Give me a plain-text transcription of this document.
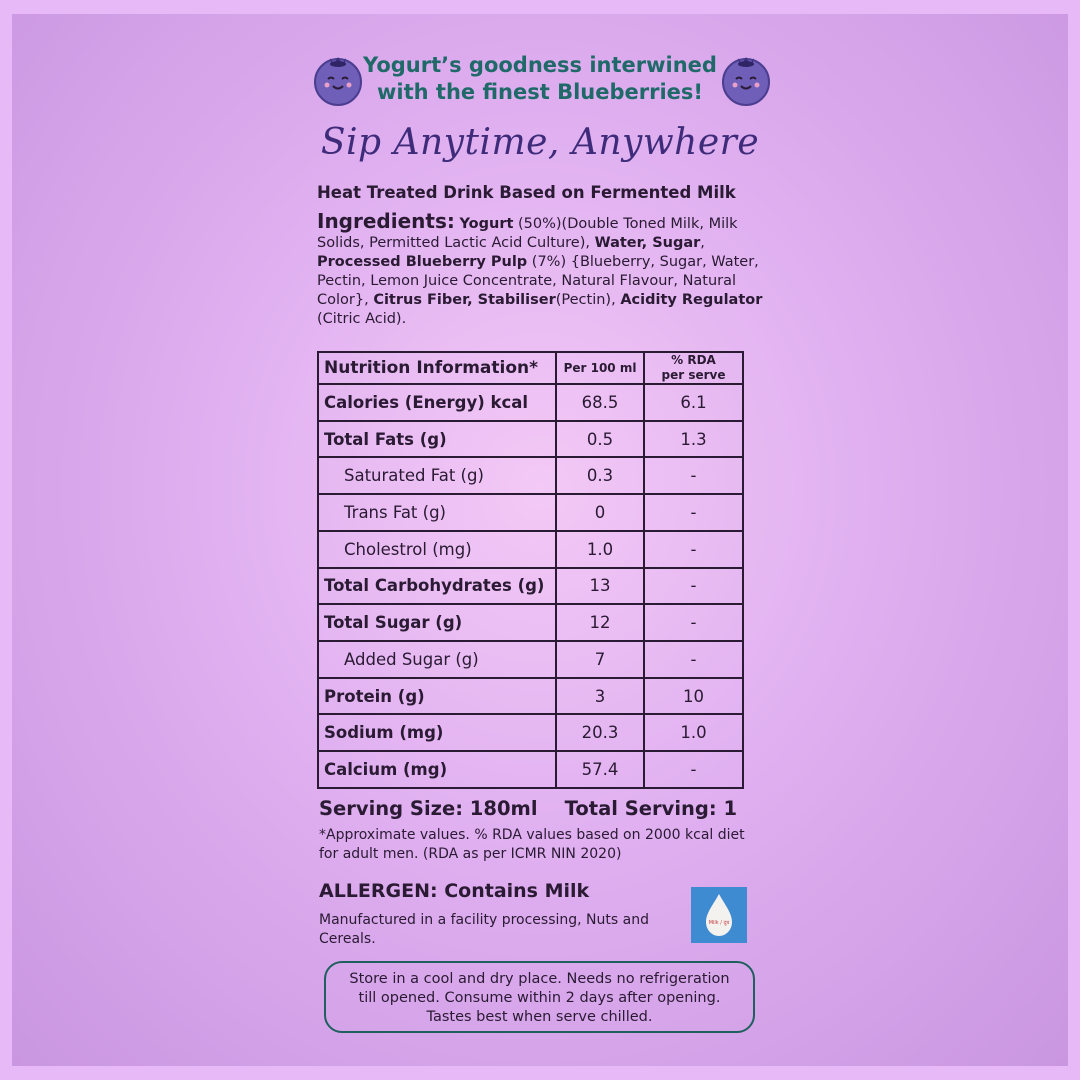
Yogurt’s goodness interwined
with the finest Blueberries!
Sip Anytime, Anywhere
Heat Treated Drink Based on Fermented Milk
Ingredients: Yogurt (50%)(Double Toned Milk, Milk Solids, Permitted Lactic Acid Culture), Water, Sugar, Processed Blueberry Pulp (7%) {Blueberry, Sugar, Water, Pectin, Lemon Juice Concentrate, Natural Flavour, Natural Color}, Citrus Fiber, Stabiliser(Pectin), Acidity Regulator (Citric Acid).
Nutrition Information*	Per 100 ml	% RDA
per serve

Calories (Energy) kcal	68.5	6.1
Total Fats (g)	0.5	1.3
Saturated Fat (g)	0.3	-
Trans Fat (g)	0	-
Cholestrol (mg)	1.0	-
Total Carbohydrates (g)	13	-
Total Sugar (g)	12	-
Added Sugar (g)	7	-
Protein (g)	3	10
Sodium (mg)	20.3	1.0
Calcium (mg)	57.4	-
Serving Size: 180ml Total Serving: 1
*Approximate values. % RDA values based on 2000 kcal diet for adult men. (RDA as per ICMR NIN 2020)
ALLERGEN: Contains Milk
Manufactured in a facility processing, Nuts and Cereals.
Milk / दूध
Store in a cool and dry place. Needs no refrigeration till opened. Consume within 2 days after opening. Tastes best when serve chilled.
